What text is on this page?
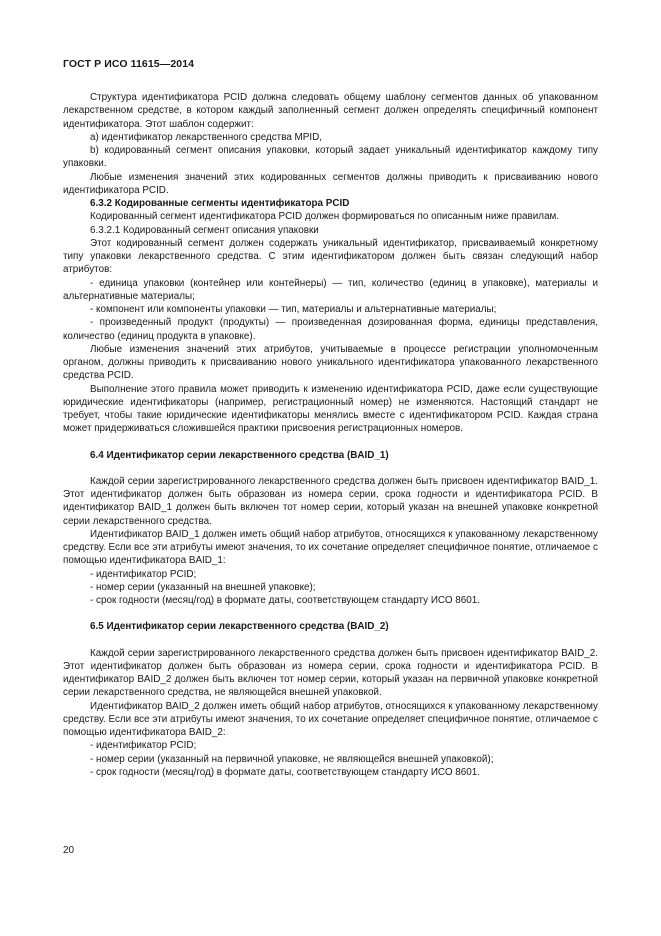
ГОСТ Р ИСО 11615—2014

Структура идентификатора PCID должна следовать общему шаблону сегментов данных об упакованном лекарственном средстве, в котором каждый заполненный сегмент должен определять специфичный компонент идентификатора. Этот шаблон содержит:

a) идентификатор лекарственного средства MPID,

b) кодированный сегмент описания упаковки, который задает уникальный идентификатор каждому типу упаковки.

Любые изменения значений этих кодированных сегментов должны приводить к присваиванию нового идентификатора PCID.

6.3.2 Кодированные сегменты идентификатора PCID

Кодированный сегмент идентификатора PCID должен формироваться по описанным ниже правилам.

6.3.2.1 Кодированный сегмент описания упаковки

Этот кодированный сегмент должен содержать уникальный идентификатор, присваиваемый конкретному типу упаковки лекарственного средства. С этим идентификатором должен быть связан следующий набор атрибутов:

- единица упаковки (контейнер или контейнеры) — тип, количество (единиц в упаковке), материалы и альтернативные материалы;

- компонент или компоненты упаковки — тип, материалы и альтернативные материалы;

- произведенный продукт (продукты) — произведенная дозированная форма, единицы представления, количество (единиц продукта в упаковке).

Любые изменения значений этих атрибутов, учитываемые в процессе регистрации уполномоченным органом, должны приводить к присваиванию нового уникального идентификатора упакованного лекарственного средства PCID.

Выполнение этого правила может приводить к изменению идентификатора PCID, даже если существующие юридические идентификаторы (например, регистрационный номер) не изменяются. Настоящий стандарт не требует, чтобы такие юридические идентификаторы менялись вместе с идентификатором PCID. Каждая страна может придерживаться сложившейся практики присвоения регистрационных номеров.

6.4 Идентификатор серии лекарственного средства (BAID_1)

Каждой серии зарегистрированного лекарственного средства должен быть присвоен идентификатор BAID_1. Этот идентификатор должен быть образован из номера серии, срока годности и идентификатора PCID. В идентификатор BAID_1 должен быть включен тот номер серии, который указан на внешней упаковке конкретной серии лекарственного средства.

Идентификатор BAID_1 должен иметь общий набор атрибутов, относящихся к упакованному лекарственному средству. Если все эти атрибуты имеют значения, то их сочетание определяет специфичное понятие, отличаемое с помощью идентификатора BAID_1:

- идентификатор PCID;

- номер серии (указанный на внешней упаковке);

- срок годности (месяц/год) в формате даты, соответствующем стандарту ИСО 8601.

6.5 Идентификатор серии лекарственного средства (BAID_2)

Каждой серии зарегистрированного лекарственного средства должен быть присвоен идентификатор BAID_2. Этот идентификатор должен быть образован из номера серии, срока годности и идентификатора PCID. В идентификатор BAID_2 должен быть включен тот номер серии, который указан на первичной упаковке конкретной серии лекарственного средства, не являющейся внешней упаковкой.

Идентификатор BAID_2 должен иметь общий набор атрибутов, относящихся к упакованному лекарственному средству. Если все эти атрибуты имеют значения, то их сочетание определяет специфичное понятие, отличаемое с помощью идентификатора BAID_2:

- идентификатор PCID;

- номер серии (указанный на первичной упаковке, не являющейся внешней упаковкой);

- срок годности (месяц/год) в формате даты, соответствующем стандарту ИСО 8601.

20
